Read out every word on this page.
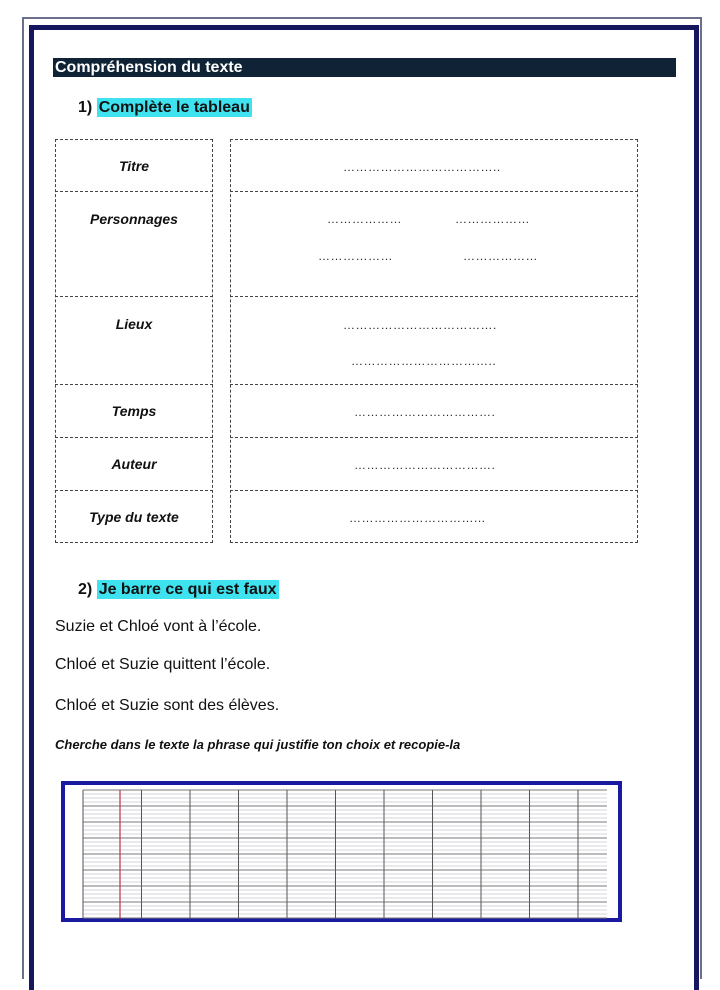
Compréhension du texte
1) Complète le tableau
Titre	………………………………..
Personnages	………………	………………
………………	………………
Lieux	……………………………….
……………………………..
Temps	…………………………….
Auteur	…………………………….
Type du texte	…………………………...
2) Je barre ce qui est faux
Suzie et Chloé vont à l’école.
Chloé et Suzie quittent l’école.
Chloé et Suzie sont des élèves.
Cherche dans le texte la phrase qui justifie ton choix et recopie-la
